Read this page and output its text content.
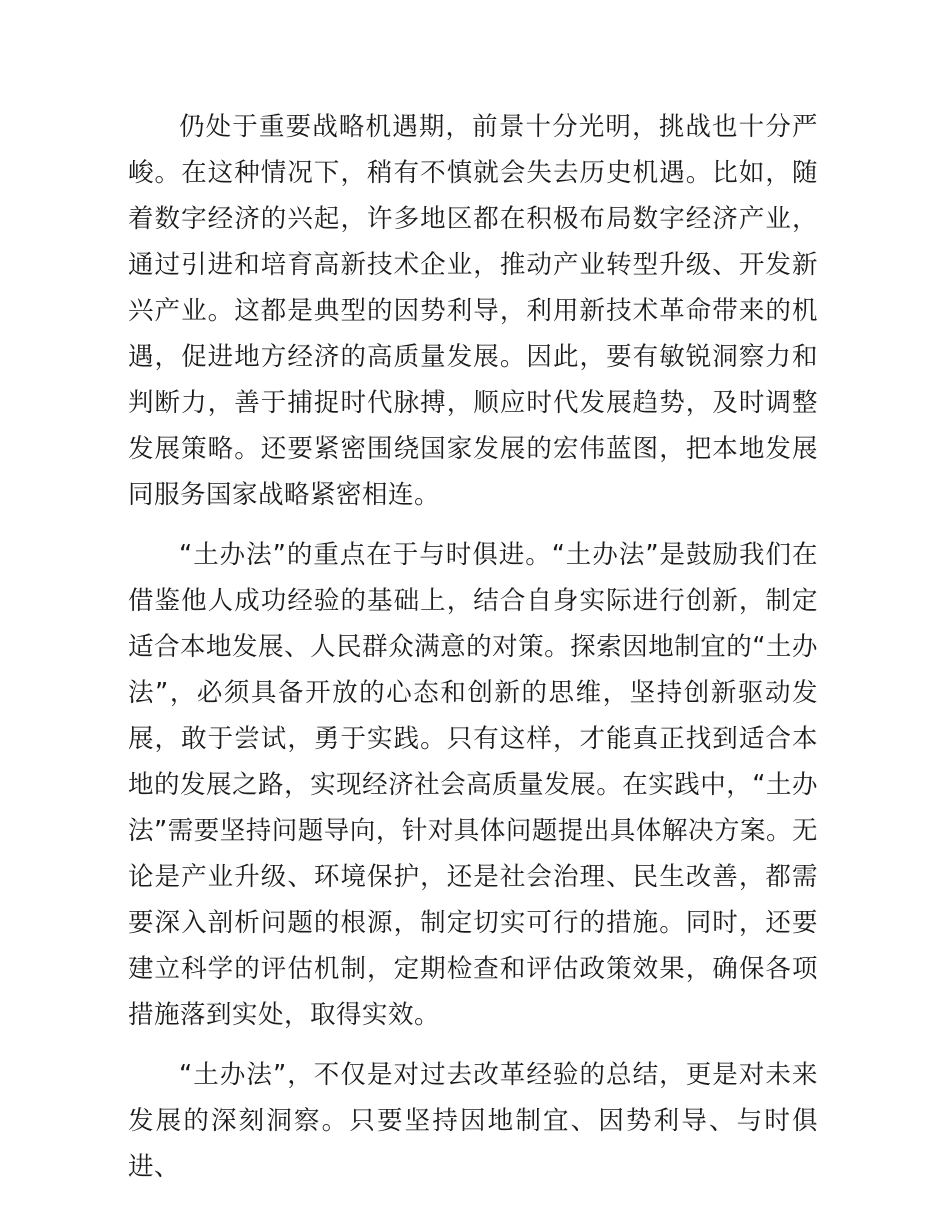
仍处于重要战略机遇期，前景十分光明，挑战也十分严峻。在这种情况下，稍有不慎就会失去历史机遇。比如，随着数字经济的兴起，许多地区都在积极布局数字经济产业，通过引进和培育高新技术企业，推动产业转型升级、开发新兴产业。这都是典型的因势利导，利用新技术革命带来的机遇，促进地方经济的高质量发展。因此，要有敏锐洞察力和判断力，善于捕捉时代脉搏，顺应时代发展趋势，及时调整发展策略。还要紧密围绕国家发展的宏伟蓝图，把本地发展同服务国家战略紧密相连。

“土办法”的重点在于与时俱进。“土办法”是鼓励我们在借鉴他人成功经验的基础上，结合自身实际进行创新，制定适合本地发展、人民群众满意的对策。探索因地制宜的“土办法”，必须具备开放的心态和创新的思维，坚持创新驱动发展，敢于尝试，勇于实践。只有这样，才能真正找到适合本地的发展之路，实现经济社会高质量发展。在实践中，“土办法”需要坚持问题导向，针对具体问题提出具体解决方案。无论是产业升级、环境保护，还是社会治理、民生改善，都需要深入剖析问题的根源，制定切实可行的措施。同时，还要建立科学的评估机制，定期检查和评估政策效果，确保各项措施落到实处，取得实效。

“土办法”，不仅是对过去改革经验的总结，更是对未来发展的深刻洞察。只要坚持因地制宜、因势利导、与时俱进、
